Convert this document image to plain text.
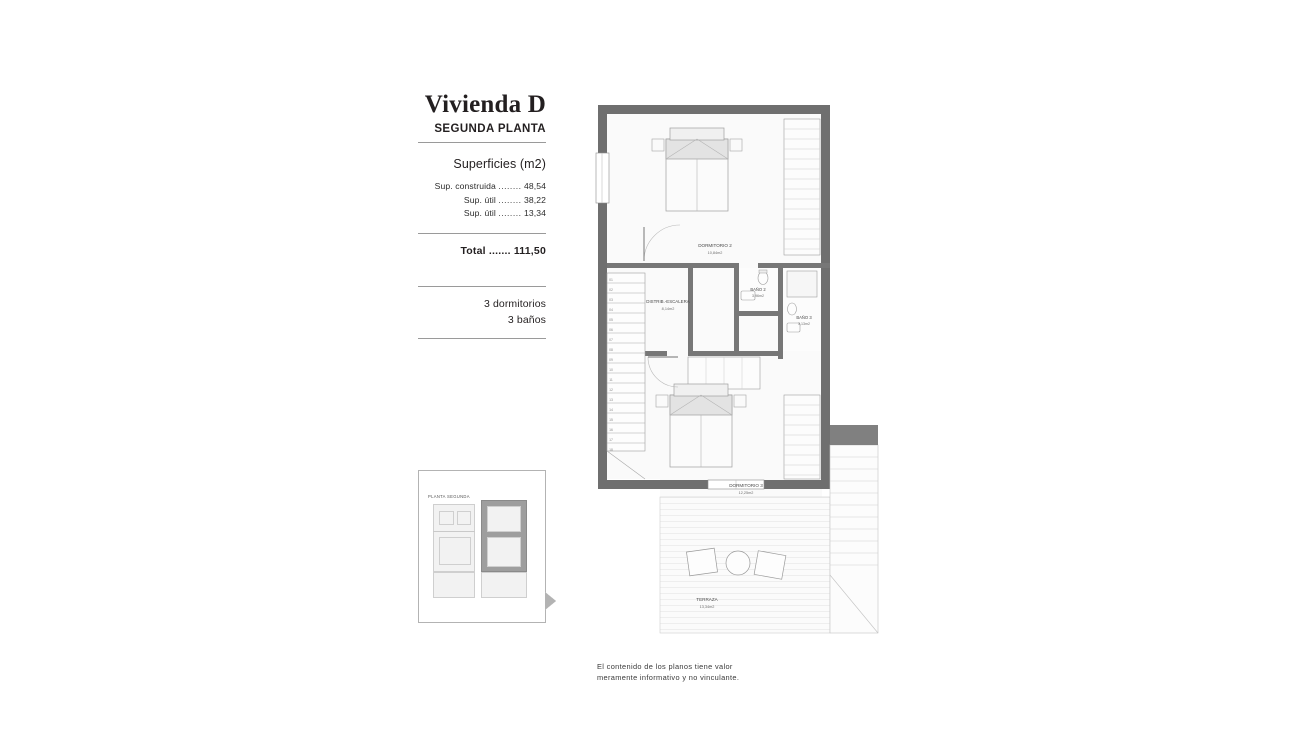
Vivienda D
SEGUNDA PLANTA
Superficies (m2)
Sup. construida ........ 48,54
Sup. útil ........ 38,22
Sup. útil ........ 13,34
Total ....... 111,50
3 dormitorios
3 baños
PLANTA SEGUNDA
01
02
03
04
05
06
07
08
09
10
11
12
13
14
15
16
17
18
DORMITORIO 2
10,84m2
DISTRIB.-ESCALERA
8,14m2
BAÑO 2
3,96m2
BAÑO 3
3,13m2
DORMITORIO 3
12,25m2
TERRAZA
13,34m2
El contenido de los planos tiene valor
meramente informativo y no vinculante.
